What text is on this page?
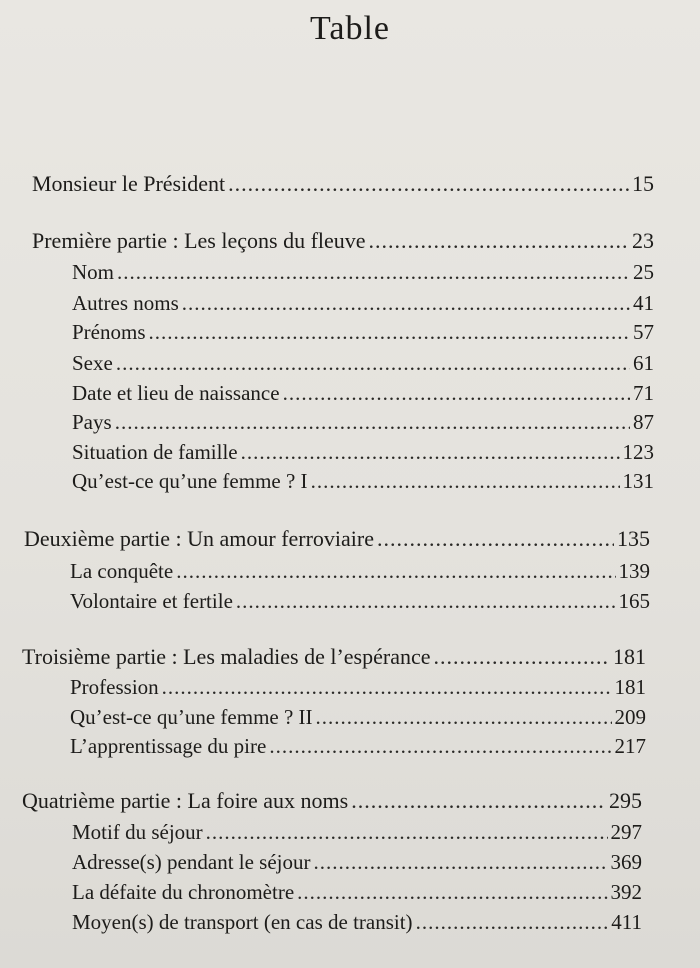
Table
Monsieur le Président .....	15
Première partie : Les leçons du fleuve .....	23
Nom .....	25
Autres noms .....	41
Prénoms .....	57
Sexe .....	61
Date et lieu de naissance .....	71
Pays .....	87
Situation de famille .....	123
Qu’est-ce qu’une femme ? I .....	131
Deuxième partie : Un amour ferroviaire .....	135
La conquête .....	139
Volontaire et fertile .....	165
Troisième partie : Les maladies de l’espérance .....	181
Profession .....	181
Qu’est-ce qu’une femme ? II .....	209
L’apprentissage du pire .....	217
Quatrième partie : La foire aux noms .....	295
Motif du séjour .....	297
Adresse(s) pendant le séjour .....	369
La défaite du chronomètre .....	392
Moyen(s) de transport (en cas de transit) .....	411
